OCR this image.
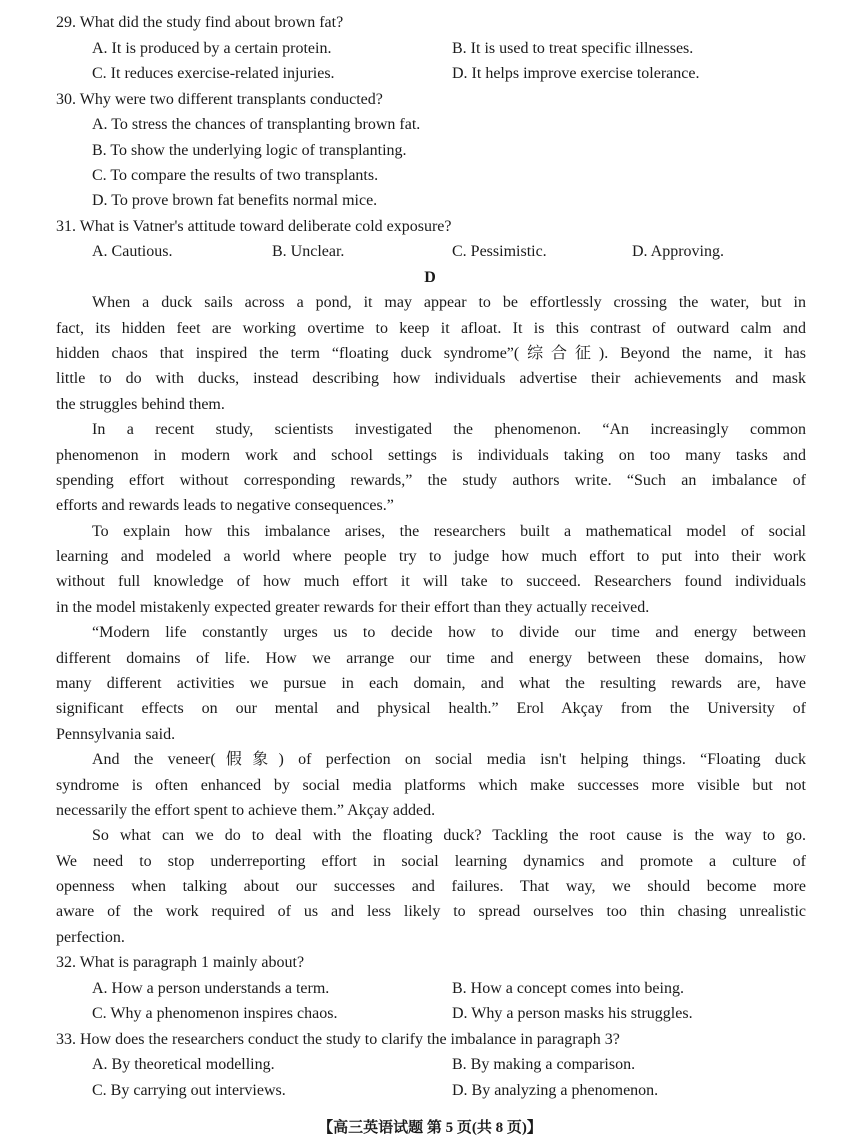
29. What did the study find about brown fat?
A. It is produced by a certain protein.	B. It is used to treat specific illnesses.
C. It reduces exercise-related injuries.	D. It helps improve exercise tolerance.
30. Why were two different transplants conducted?
A. To stress the chances of transplanting brown fat.
B. To show the underlying logic of transplanting.
C. To compare the results of two transplants.
D. To prove brown fat benefits normal mice.
31. What is Vatner's attitude toward deliberate cold exposure?
A. Cautious.	B. Unclear.	C. Pessimistic.	D. Approving.
D
When a duck sails across a pond, it may appear to be effortlessly crossing the water, but in
fact, its hidden feet are working overtime to keep it afloat. It is this contrast of outward calm and
hidden chaos that inspired the term “floating duck syndrome”(综合征). Beyond the name, it has
little to do with ducks, instead describing how individuals advertise their achievements and mask
the struggles behind them.
In a recent study, scientists investigated the phenomenon. “An increasingly common
phenomenon in modern work and school settings is individuals taking on too many tasks and
spending effort without corresponding rewards,” the study authors write. “Such an imbalance of
efforts and rewards leads to negative consequences.”
To explain how this imbalance arises, the researchers built a mathematical model of social
learning and modeled a world where people try to judge how much effort to put into their work
without full knowledge of how much effort it will take to succeed. Researchers found individuals
in the model mistakenly expected greater rewards for their effort than they actually received.
“Modern life constantly urges us to decide how to divide our time and energy between
different domains of life. How we arrange our time and energy between these domains, how
many different activities we pursue in each domain, and what the resulting rewards are, have
significant effects on our mental and physical health.” Erol Akçay from the University of
Pennsylvania said.
And the veneer(假象) of perfection on social media isn't helping things. “Floating duck
syndrome is often enhanced by social media platforms which make successes more visible but not
necessarily the effort spent to achieve them.” Akçay added.
So what can we do to deal with the floating duck? Tackling the root cause is the way to go.
We need to stop underreporting effort in social learning dynamics and promote a culture of
openness when talking about our successes and failures. That way, we should become more
aware of the work required of us and less likely to spread ourselves too thin chasing unrealistic
perfection.
32. What is paragraph 1 mainly about?
A. How a person understands a term.	B. How a concept comes into being.
C. Why a phenomenon inspires chaos.	D. Why a person masks his struggles.
33. How does the researchers conduct the study to clarify the imbalance in paragraph 3?
A. By theoretical modelling.	B. By making a comparison.
C. By carrying out interviews.	D. By analyzing a phenomenon.
【高三英语试题 第 5 页(共 8 页)】
